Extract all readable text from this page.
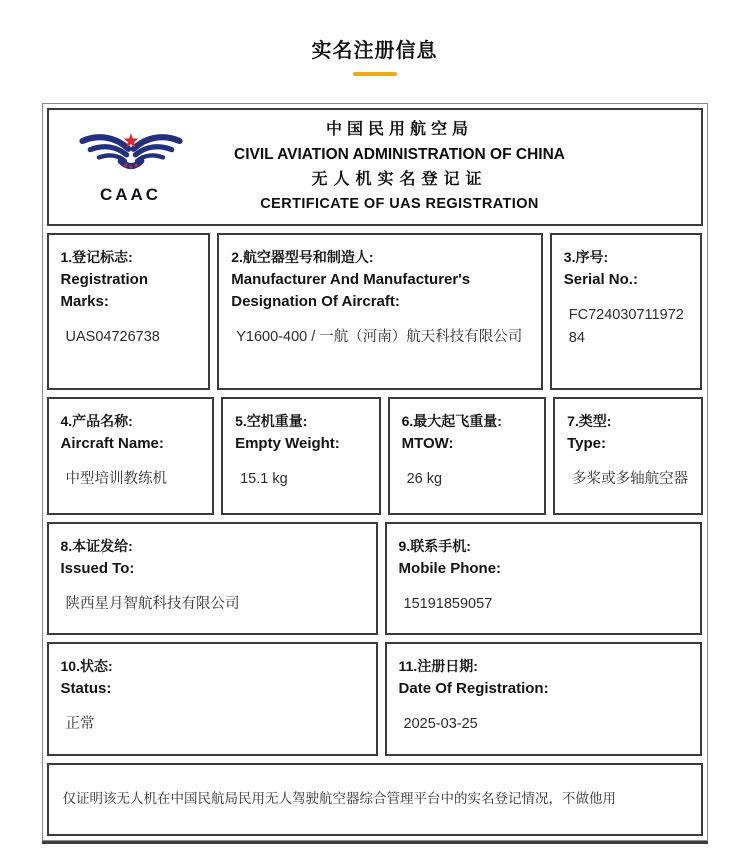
实名注册信息
CAAC
中国民用航空局
CIVIL AVIATION ADMINISTRATION OF CHINA
无人机实名登记证
CERTIFICATE OF UAS REGISTRATION
1.登记标志:
Registration Marks:
UAS04726738
2.航空器型号和制造人:
Manufacturer And Manufacturer's Designation Of Aircraft:
Y1600-400 / 一航（河南）航天科技有限公司
3.序号:
Serial No.:
FC72403071197284
4.产品名称:
Aircraft Name:
中型培训教练机
5.空机重量:
Empty Weight:
15.1 kg
6.最大起飞重量:
MTOW:
26 kg
7.类型:
Type:
多桨或多轴航空器
8.本证发给:
Issued To:
陕西星月智航科技有限公司
9.联系手机:
Mobile Phone:
15191859057
10.状态:
Status:
正常
11.注册日期:
Date Of Registration:
2025-03-25
仅证明该无人机在中国民航局民用无人驾驶航空器综合管理平台中的实名登记情况，不做他用
